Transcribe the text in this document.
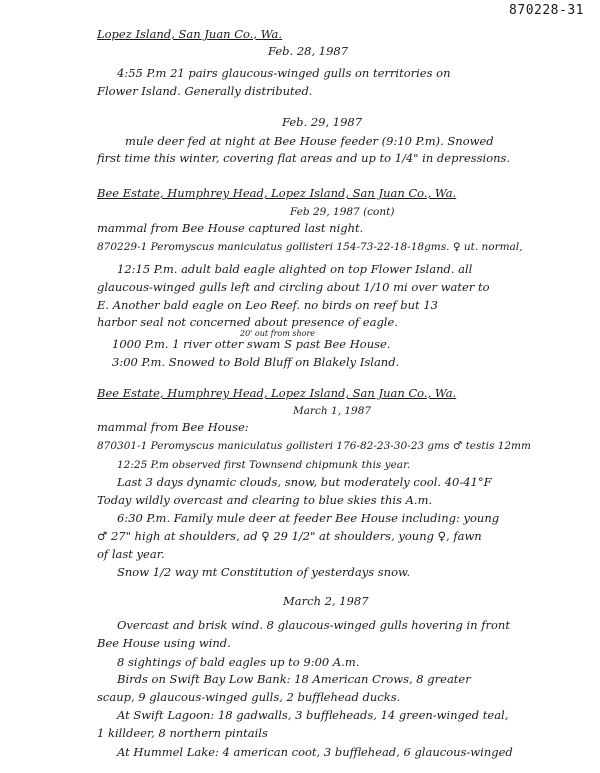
870228-31
Lopez Island, San Juan Co., Wa.
Feb. 28, 1987
4:55 P.m 21 pairs glaucous-winged gulls on territories on
Flower Island. Generally distributed.
Feb. 29, 1987
mule deer fed at night at Bee House feeder (9:10 P.m). Snowed
first time this winter, covering flat areas and up to 1/4" in depressions.
Bee Estate, Humphrey Head, Lopez Island, San Juan Co., Wa.
Feb 29, 1987 (cont)
mammal from Bee House captured last night.
870229-1 Peromyscus maniculatus gollisteri 154-73-22-18-18gms. ♀ ut. normal,
12:15 P.m. adult bald eagle alighted on top Flower Island. all
glaucous-winged gulls left and circling about 1/10 mi over water to
E. Another bald eagle on Leo Reef. no birds on reef but 13
harbor seal not concerned about presence of eagle.
20' out from shore
1000 P.m. 1 river otter swam S past Bee House.
3:00 P.m. Snowed to Bold Bluff on Blakely Island.
Bee Estate, Humphrey Head, Lopez Island, San Juan Co., Wa.
March 1, 1987
mammal from Bee House:
870301-1 Peromyscus maniculatus gollisteri 176-82-23-30-23 gms ♂ testis 12mm
12:25 P.m observed first Townsend chipmunk this year.
Last 3 days dynamic clouds, snow, but moderately cool. 40-41°F
Today wildly overcast and clearing to blue skies this A.m.
6:30 P.m. Family mule deer at feeder Bee House including: young
♂ 27" high at shoulders, ad ♀ 29 1/2" at shoulders, young ♀, fawn
of last year.
Snow 1/2 way mt Constitution of yesterdays snow.
March 2, 1987
Overcast and brisk wind. 8 glaucous-winged gulls hovering in front
Bee House using wind.
8 sightings of bald eagles up to 9:00 A.m.
Birds on Swift Bay Low Bank: 18 American Crows, 8 greater
scaup, 9 glaucous-winged gulls, 2 bufflehead ducks.
At Swift Lagoon: 18 gadwalls, 3 buffleheads, 14 green-winged teal,
1 killdeer, 8 northern pintails
At Hummel Lake: 4 american coot, 3 bufflehead, 6 glaucous-winged
